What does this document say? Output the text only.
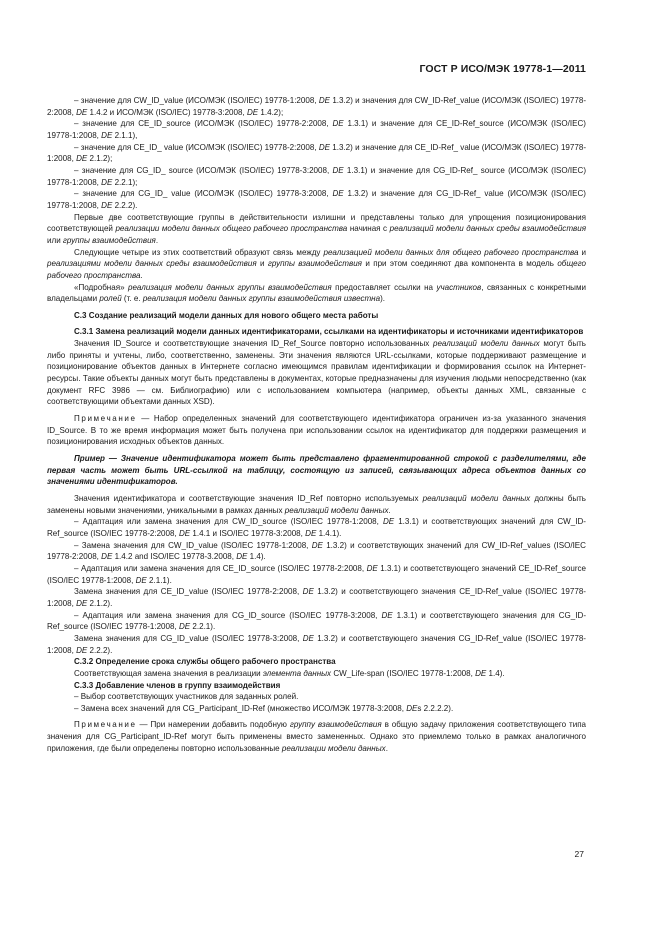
ГОСТ Р ИСО/МЭК 19778-1—2011

– значение для CW_ID_value (ИСО/МЭК (ISO/IEC) 19778-1:2008, DE 1.3.2) и значения для CW_ID-Ref_value (ИСО/МЭК (ISO/IEC) 19778-2:2008, DE 1.4.2 и ИСО/МЭК (ISO/IEC) 19778-3:2008, DE 1.4.2);

– значение для CE_ID_source (ИСО/МЭК (ISO/IEC) 19778-2:2008, DE 1.3.1) и значение для CE_ID-Ref_source (ИСО/МЭК (ISO/IEC) 19778-1:2008, DE 2.1.1),

– значение для CE_ID_ value (ИСО/МЭК (ISO/IEC) 19778-2:2008, DE 1.3.2) и значение для CE_ID-Ref_ value (ИСО/МЭК (ISO/IEC) 19778-1:2008, DE 2.1.2);

– значение для CG_ID_ source (ИСО/МЭК (ISO/IEC) 19778-3:2008, DE 1.3.1) и значение для CG_ID-Ref_ source (ИСО/МЭК (ISO/IEC) 19778-1:2008, DE 2.2.1);

– значение для CG_ID_ value (ИСО/МЭК (ISO/IEC) 19778-3:2008, DE 1.3.2) и значение для CG_ID-Ref_ value (ИСО/МЭК (ISO/IEC) 19778-1:2008, DE 2.2.2).

Первые две соответствующие группы в действительности излишни и представлены только для упрощения позиционирования соответствующей реализации модели данных общего рабочего пространства начиная с реализаций модели данных среды взаимодействия или группы взаимодействия.

Следующие четыре из этих соответствий образуют связь между реализацией модели данных для общего рабочего пространства и реализациями модели данных среды взаимодействия и группы взаимодействия и при этом соединяют два компонента в модель общего рабочего пространства.

«Подробная» реализация модели данных группы взаимодействия предоставляет ссылки на участников, связанных с конкретными владельцами ролей (т. е. реализация модели данных группы взаимодействия известна).

С.3 Создание реализаций модели данных для нового общего места работы

С.3.1 Замена реализаций модели данных идентификаторами, ссылками на идентификаторы и источниками идентификаторов

Значения ID_Source и соответствующие значения ID_Ref_Source повторно использованных реализаций модели данных могут быть либо приняты и учтены, либо, соответственно, заменены. Эти значения являются URL-ссылками, которые поддерживают размещение и позиционирование объектов данных в Интернете согласно имеющимся правилам идентификации и формирования ссылок на Интернет-ресурсы. Такие объекты данных могут быть представлены в документах, которые предназначены для изучения людьми непосредственно (как документ RFC 3986 — см. Библиографию) или с использованием компьютера (например, объекты данных XML, связанные с соответствующими объектами данных XSD).

Примечание — Набор определенных значений для соответствующего идентификатора ограничен из-за указанного значения ID_Source. В то же время информация может быть получена при использовании ссылок на идентификатор для поддержки размещения и позиционирования исходных объектов данных.

Пример — Значение идентификатора может быть представлено фрагментированной строкой с разделителями, где первая часть может быть URL-ссылкой на таблицу, состоящую из записей, связывающих адреса объектов данных со значениями идентификаторов.

Значения идентификатора и соответствующие значения ID_Ref повторно используемых реализаций модели данных должны быть заменены новыми значениями, уникальными в рамках данных реализаций модели данных.

– Адаптация или замена значения для CW_ID_source (ISO/IEC 19778-1:2008, DE 1.3.1) и соответствующих значений для CW_ID-Ref_source (ISO/IEC 19778-2:2008, DE 1.4.1 и ISO/IEC 19778-3:2008, DE 1.4.1).

– Замена значения для CW_ID_value (ISO/IEC 19778-1:2008, DE 1.3.2) и соответствующих значений для CW_ID-Ref_values (ISO/IEC 19778-2:2008, DE 1.4.2 and ISO/IEC 19778-3.2008, DE 1.4).

– Адаптация или замена значения для CE_ID_source (ISO/IEC 19778-2:2008, DE 1.3.1) и соответствующего значений CE_ID-Ref_source (ISO/IEC 19778-1:2008, DE 2.1.1).

Замена значения для CE_ID_value (ISO/IEC 19778-2:2008, DE 1.3.2) и соответствующего значения CE_ID-Ref_value (ISO/IEC 19778-1:2008, DE 2.1.2).

– Адаптация или замена значения для CG_ID_source (ISO/IEC 19778-3:2008, DE 1.3.1) и соответствующего значения для CG_ID-Ref_source (ISO/IEC 19778-1:2008, DE 2.2.1).

Замена значения для CG_ID_value (ISO/IEC 19778-3:2008, DE 1.3.2) и соответствующего значения CG_ID-Ref_value (ISO/IEC 19778-1:2008, DE 2.2.2).

С.3.2 Определение срока службы общего рабочего пространства

Соответствующая замена значения в реализации элемента данных CW_Life-span (ISO/IEC 19778-1:2008, DE 1.4).

С.3.3 Добавление членов в группу взаимодействия

– Выбор соответствующих участников для заданных ролей.

– Замена всех значений для CG_Participant_ID-Ref (множество ИСО/МЭК 19778-3:2008, DEs 2.2.2.2).

Примечание — При намерении добавить подобную группу взаимодействия в общую задачу приложения соответствующего типа значения для CG_Participant_ID-Ref могут быть применены вместо замененных. Однако это приемлемо только в рамках аналогичного приложения, где были определены повторно использованные реализации модели данных.

27
